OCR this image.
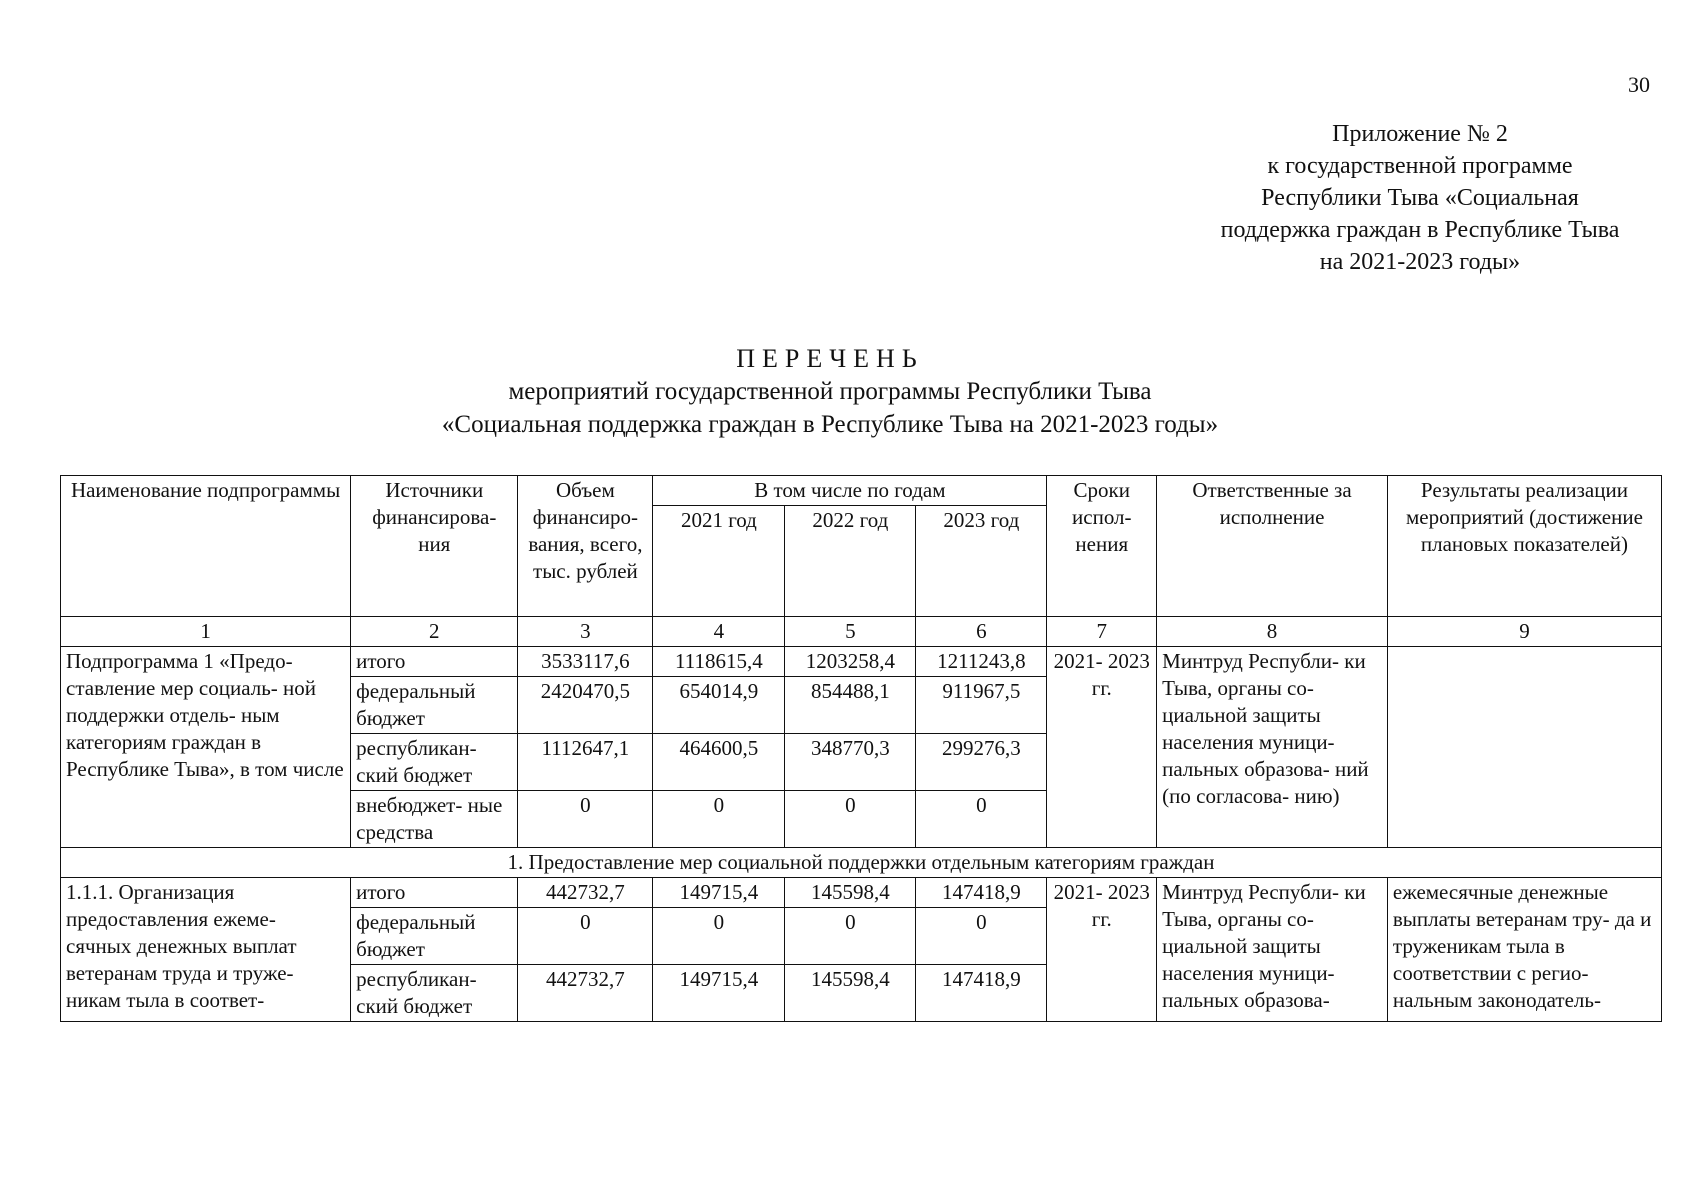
30
Приложение № 2
к государственной программе
Республики Тыва «Социальная
поддержка граждан в Республике Тыва
на 2021-2023 годы»
ПЕРЕЧЕНЬ
мероприятий государственной программы Республики Тыва
«Социальная поддержка граждан в Республике Тыва на 2021-2023 годы»
Наименование подпрограммы	Источники финансирова- ния	Объем финансиро- вания, всего, тыс. рублей	В том числе по годам			Сроки испол- нения	Ответственные за исполнение	Результаты реализации мероприятий (достижение плановых показателей)
			2021 год	2022 год	2023 год			
1	2	3	4	5	6	7	8	9
Подпрограмма 1 «Предо- ставление мер социаль- ной поддержки отдель- ным категориям граждан в Республике Тыва», в том числе	итого	3533117,6	1118615,4	1203258,4	1211243,8	2021- 2023 гг.	Минтруд Республи- ки Тыва, органы со- циальной защиты населения муници- пальных образова- ний (по согласова- нию)	
	федеральный бюджет	2420470,5	654014,9	854488,1	911967,5			
	республикан- ский бюджет	1112647,1	464600,5	348770,3	299276,3			
	внебюджет- ные средства	0	0	0	0			
1. Предоставление мер социальной поддержки отдельным категориям граждан								
1.1.1. Организация предоставления ежеме- сячных денежных выплат ветеранам труда и труже- никам тыла в соответ-	итого	442732,7	149715,4	145598,4	147418,9	2021- 2023 гг.	Минтруд Республи- ки Тыва, органы со- циальной защиты населения муници- пальных образова-	ежемесячные денежные выплаты ветеранам тру- да и труженикам тыла в соответствии с регио- нальным законодатель-
	федеральный бюджет	0	0	0	0			
	республикан- ский бюджет	442732,7	149715,4	145598,4	147418,9			
